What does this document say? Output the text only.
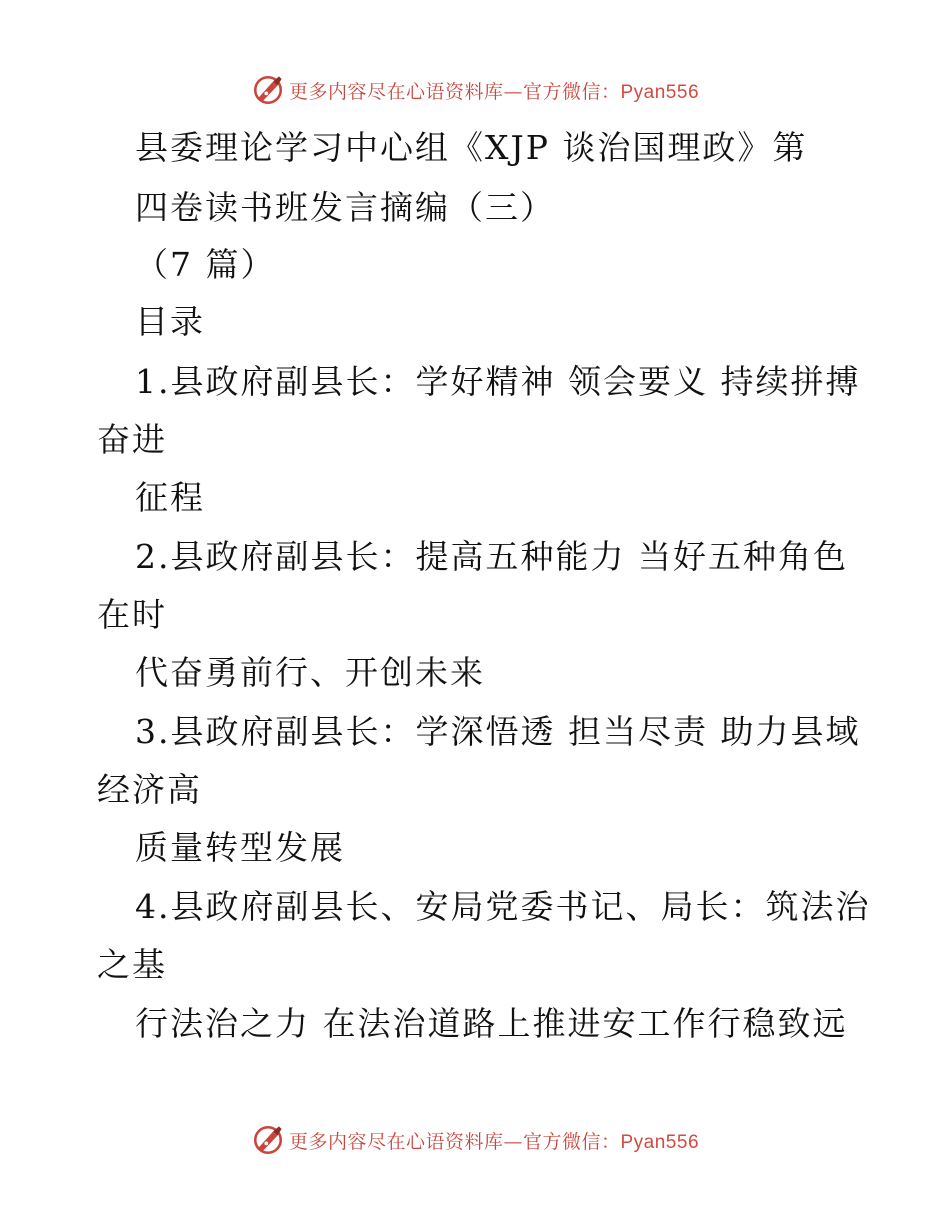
更多内容尽在心语资料库—官方微信：Pyan556
县委理论学习中心组《XJP 谈治国理政》第
四卷读书班发言摘编（三）
（7 篇）
目录
1.县政府副县长：学好精神 领会要义 持续拼搏
奋进
征程
2.县政府副县长：提高五种能力 当好五种角色
在时
代奋勇前行、开创未来
3.县政府副县长：学深悟透 担当尽责 助力县域
经济高
质量转型发展
4.县政府副县长、安局党委书记、局长：筑法治
之基
行法治之力 在法治道路上推进安工作行稳致远
更多内容尽在心语资料库—官方微信：Pyan556
